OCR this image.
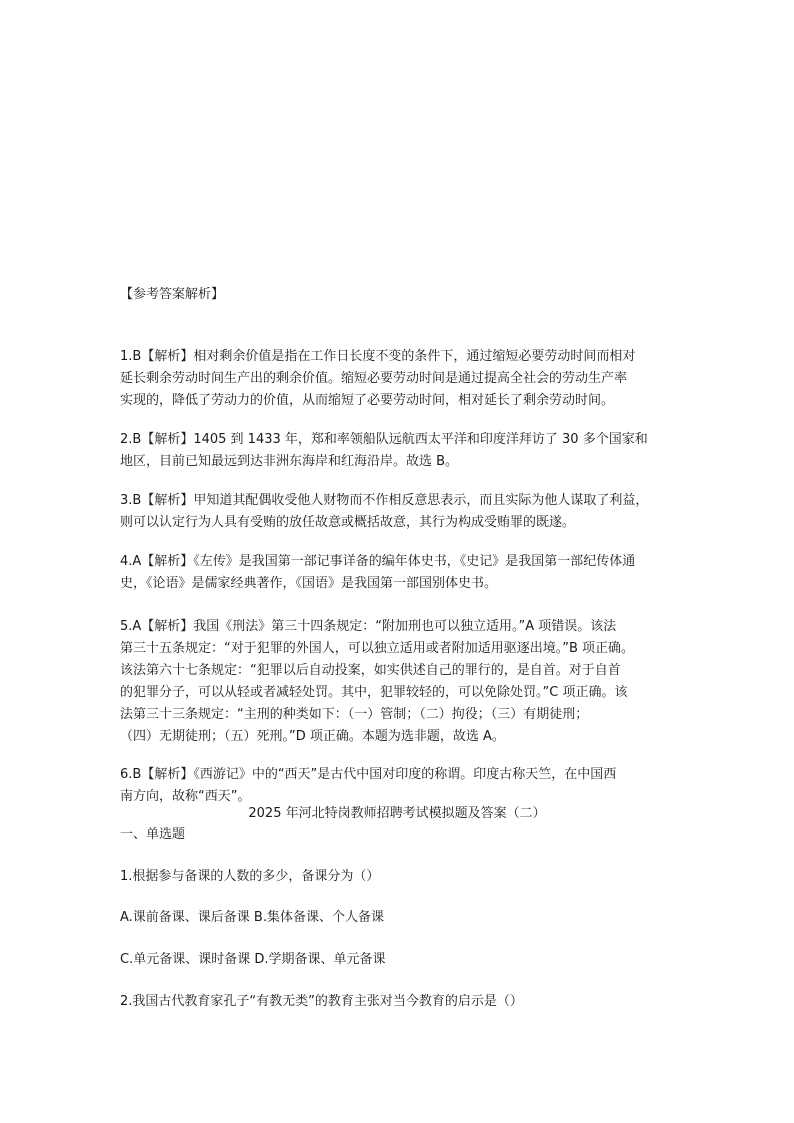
【参考答案解析】

1.B【解析】相对剩余价值是指在工作日长度不变的条件下，通过缩短必要劳动时间而相对
延长剩余劳动时间生产出的剩余价值。缩短必要劳动时间是通过提高全社会的劳动生产率
实现的，降低了劳动力的价值，从而缩短了必要劳动时间，相对延长了剩余劳动时间。
2.B【解析】1405 到 1433 年，郑和率领船队远航西太平洋和印度洋拜访了 30 多个国家和
地区，目前已知最远到达非洲东海岸和红海沿岸。故选 B。
3.B【解析】甲知道其配偶收受他人财物而不作相反意思表示，而且实际为他人谋取了利益，
则可以认定行为人具有受贿的放任故意或概括故意，其行为构成受贿罪的既遂。
4.A【解析】《左传》是我国第一部记事详备的编年体史书，《史记》是我国第一部纪传体通
史，《论语》是儒家经典著作，《国语》是我国第一部国别体史书。
5.A【解析】我国《刑法》第三十四条规定：“附加刑也可以独立适用。”A 项错误。该法
第三十五条规定：“对于犯罪的外国人，可以独立适用或者附加适用驱逐出境。”B 项正确。
该法第六十七条规定：“犯罪以后自动投案，如实供述自己的罪行的，是自首。对于自首
的犯罪分子，可以从轻或者减轻处罚。其中，犯罪较轻的，可以免除处罚。”C 项正确。该
法第三十三条规定：“主刑的种类如下：（一）管制；（二）拘役；（三）有期徒刑；
（四）无期徒刑；（五）死刑。”D 项正确。本题为选非题，故选 A。
6.B【解析】《西游记》中的“西天”是古代中国对印度的称谓。印度古称天竺，在中国西
南方向，故称“西天”。

2025 年河北特岗教师招聘考试模拟题及答案（二）

一、单选题

1.根据参与备课的人数的多少，备课分为（）

A.课前备课、课后备课 B.集体备课、个人备课

C.单元备课、课时备课 D.学期备课、单元备课

2.我国古代教育家孔子“有教无类”的教育主张对当今教育的启示是（）
